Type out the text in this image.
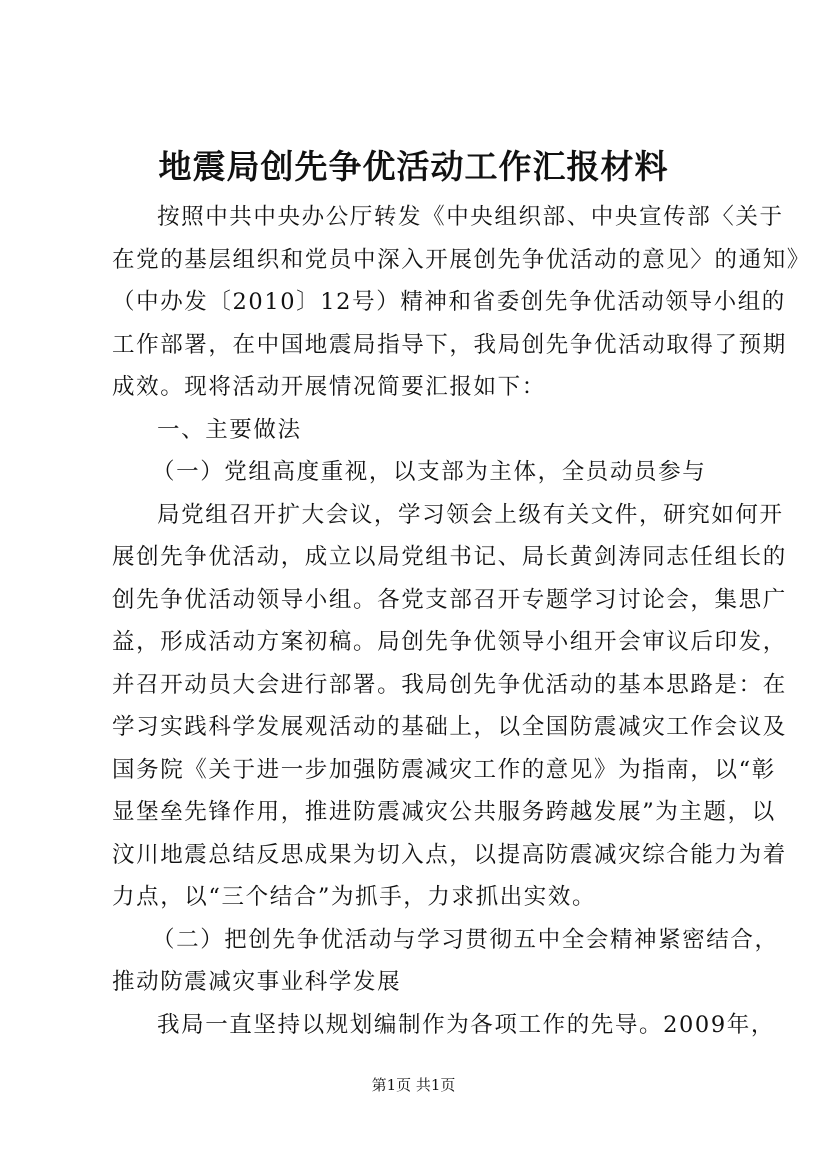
地震局创先争优活动工作汇报材料
按照中共中央办公厅转发《中央组织部、中央宣传部〈关于
在党的基层组织和党员中深入开展创先争优活动的意见〉的通知》
（中办发〔2010〕12号）精神和省委创先争优活动领导小组的
工作部署，在中国地震局指导下，我局创先争优活动取得了预期
成效。现将活动开展情况简要汇报如下：
一、主要做法
（一）党组高度重视，以支部为主体，全员动员参与
局党组召开扩大会议，学习领会上级有关文件，研究如何开
展创先争优活动，成立以局党组书记、局长黄剑涛同志任组长的
创先争优活动领导小组。各党支部召开专题学习讨论会，集思广
益，形成活动方案初稿。局创先争优领导小组开会审议后印发，
并召开动员大会进行部署。我局创先争优活动的基本思路是：在
学习实践科学发展观活动的基础上，以全国防震减灾工作会议及
国务院《关于进一步加强防震减灾工作的意见》为指南，以“彰
显堡垒先锋作用，推进防震减灾公共服务跨越发展”为主题，以
汶川地震总结反思成果为切入点，以提高防震减灾综合能力为着
力点，以“三个结合”为抓手，力求抓出实效。
（二）把创先争优活动与学习贯彻五中全会精神紧密结合，
推动防震减灾事业科学发展
我局一直坚持以规划编制作为各项工作的先导。2009年，
第1页 共1页
